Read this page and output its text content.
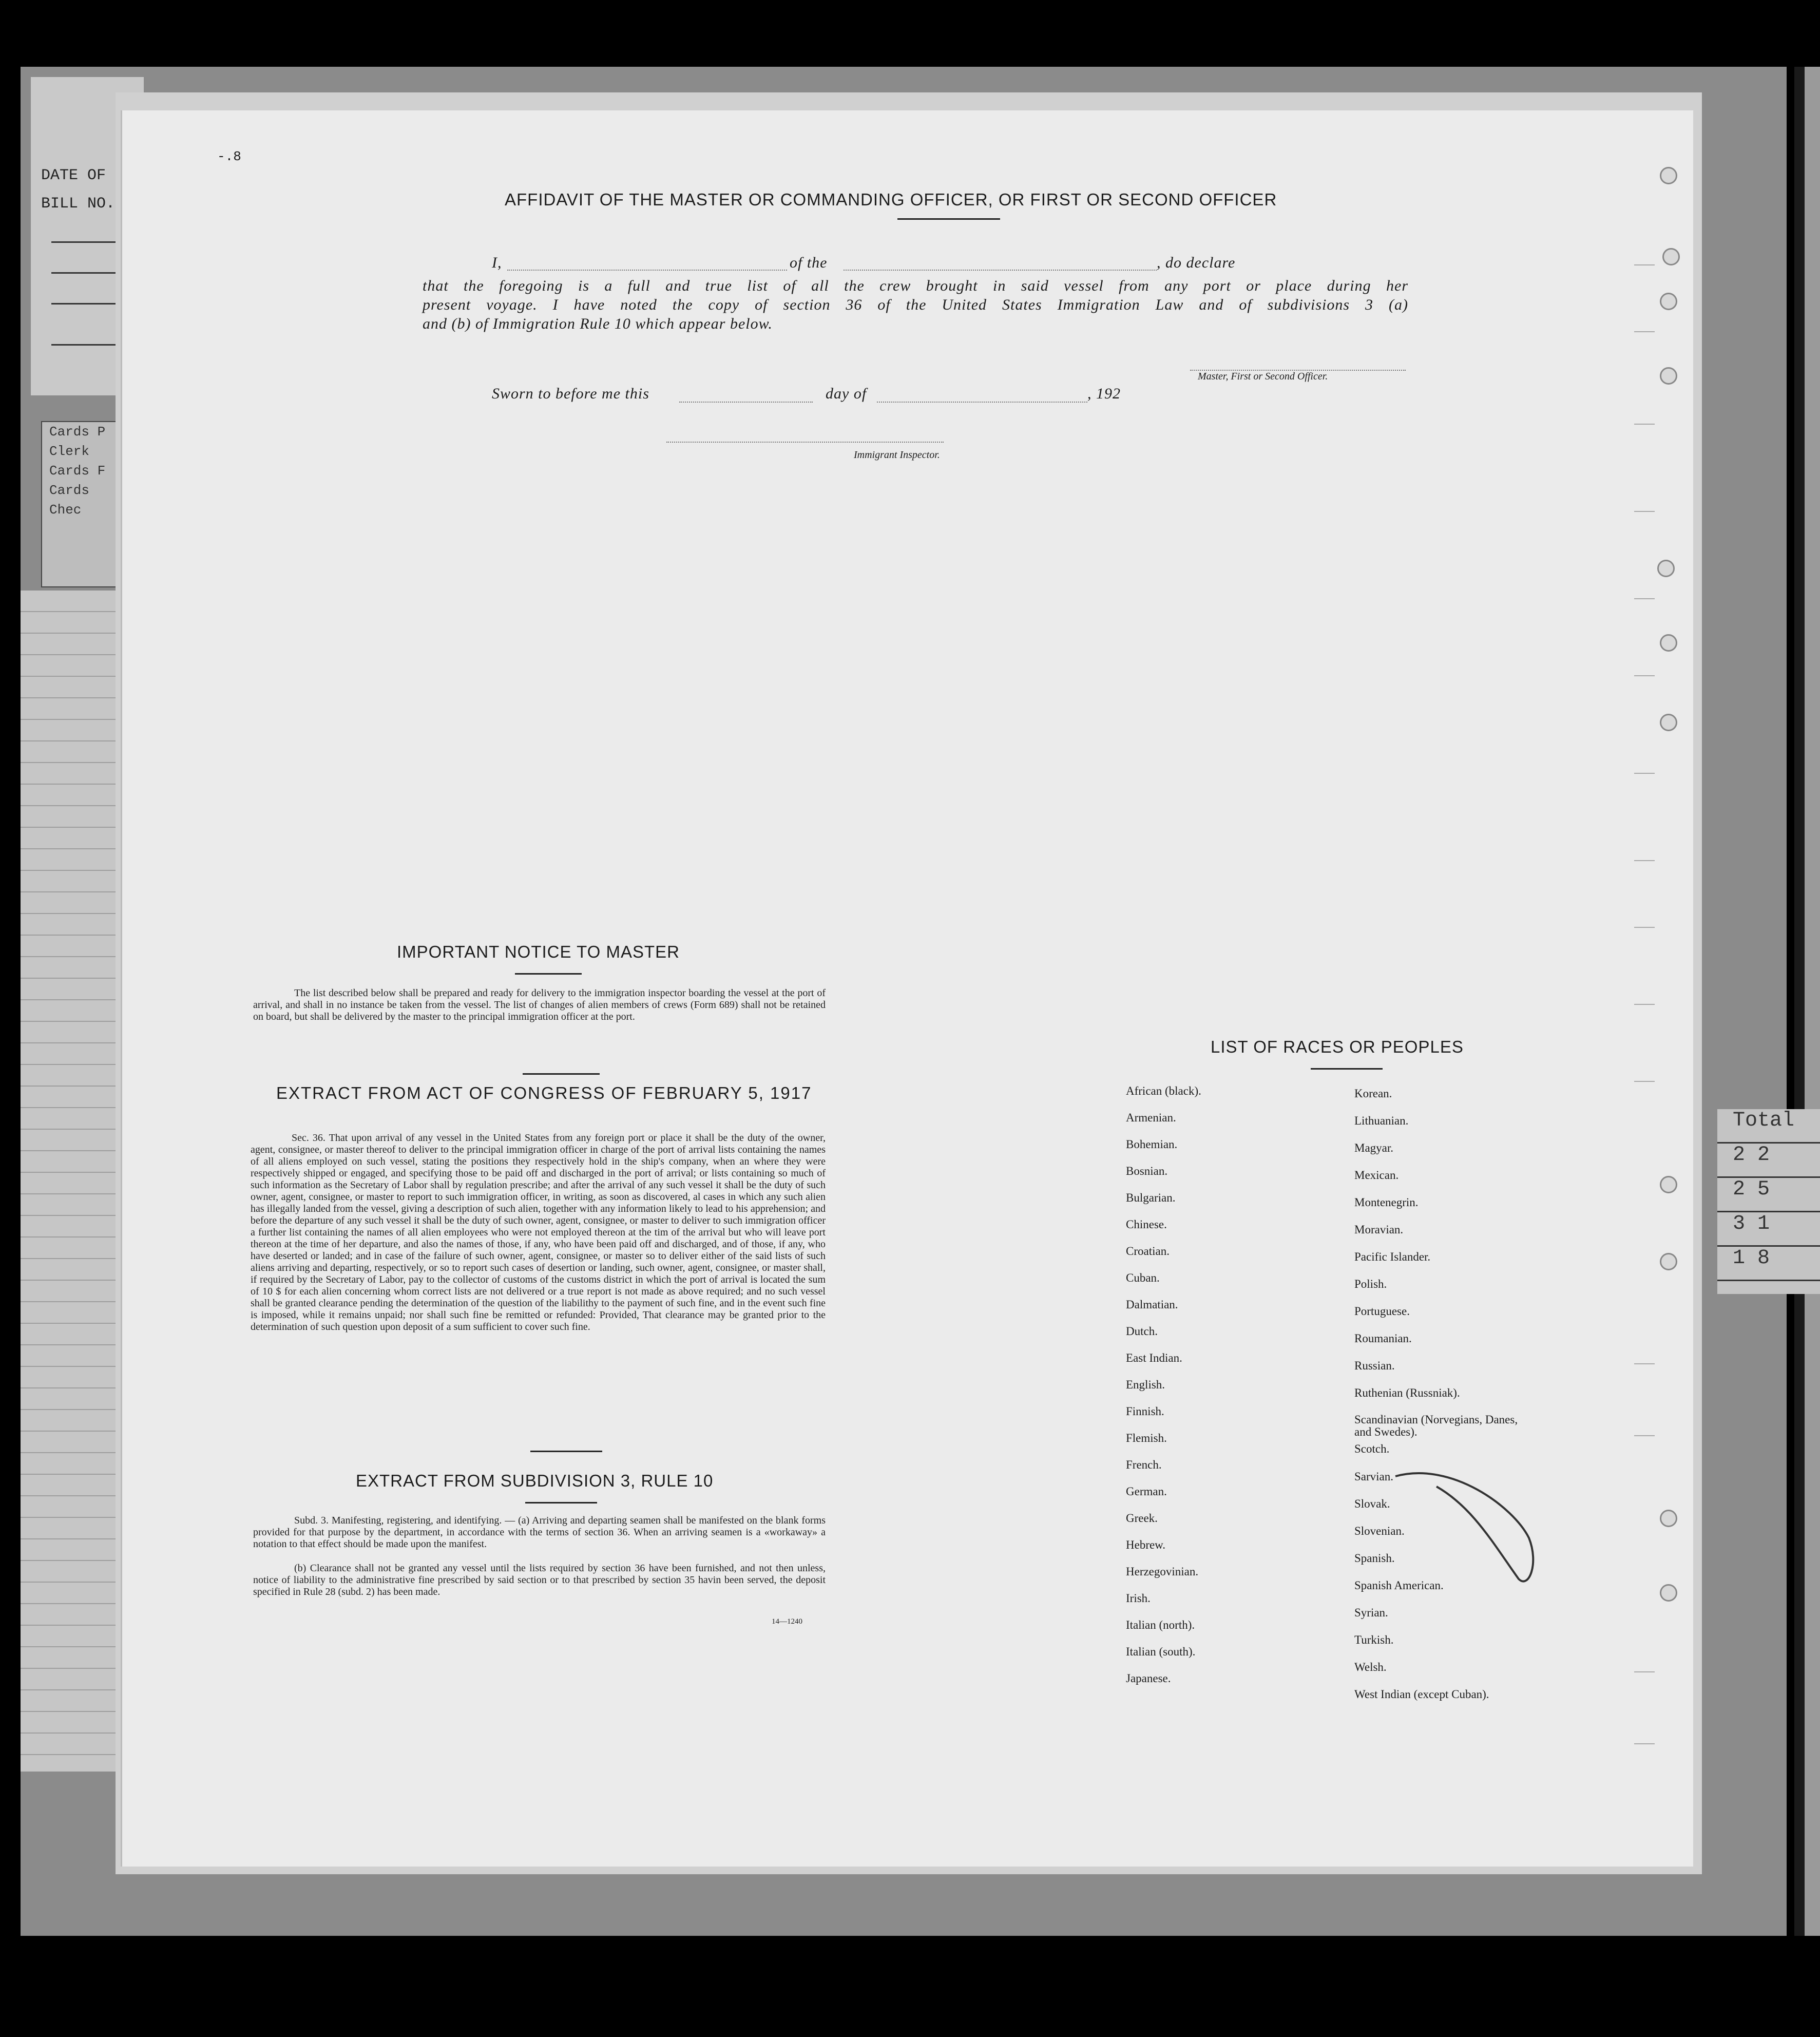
DATE OF
BILL NO.
Cards P
Clerk
Cards F
Cards
Chec
Total
2 2
2 5
3 1
1 8
-.8
AFFIDAVIT OF THE MASTER OR COMMANDING OFFICER, OR FIRST OR SECOND OFFICER
I,	of the	, do declare
that the foregoing is a full and true list of all the crew brought in said vessel from any port or place during her
present voyage. I have noted the copy of section 36 of the United States Immigration Law and of subdivisions 3 (a)
and (b) of Immigration Rule 10 which appear below.
Master, First or Second Officer.
Sworn to before me this	day of	, 192
Immigrant Inspector.
IMPORTANT NOTICE TO MASTER
The list described below shall be prepared and ready for delivery to the immigration inspector boarding the vessel at the port of arrival, and shall in no instance be taken from the vessel. The list of changes of alien members of crews (Form 689) shall not be retained on board, but shall be delivered by the master to the principal immigration officer at the port.
EXTRACT FROM ACT OF CONGRESS OF FEBRUARY 5, 1917
Sec. 36. That upon arrival of any vessel in the United States from any foreign port or place it shall be the duty of the owner, agent, consignee, or master thereof to deliver to the principal immigration officer in charge of the port of arrival lists containing the names of all aliens employed on such vessel, stating the positions they respectively hold in the ship's company, when an where they were respectively shipped or engaged, and specifying those to be paid off and discharged in the port of arrival; or lists containing so much of such information as the Secretary of Labor shall by regulation prescribe; and after the arrival of any such vessel it shall be the duty of such owner, agent, consignee, or master to report to such immigration officer, in writing, as soon as discovered, al cases in which any such alien has illegally landed from the vessel, giving a description of such alien, together with any information likely to lead to his apprehension; and before the departure of any such vessel it shall be the duty of such owner, agent, consignee, or master to deliver to such immigration officer a further list containing the names of all alien employees who were not employed thereon at the tim of the arrival but who will leave port thereon at the time of her departure, and also the names of those, if any, who have been paid off and discharged, and of those, if any, who have deserted or landed; and in case of the failure of such owner, agent, consignee, or master so to deliver either of the said lists of such aliens arriving and departing, respectively, or so to report such cases of desertion or landing, such owner, agent, consignee, or master shall, if required by the Secretary of Labor, pay to the collector of customs of the customs district in which the port of arrival is located the sum of 10 $ for each alien concerning whom correct lists are not delivered or a true report is not made as above required; and no such vessel shall be granted clearance pending the determination of the question of the liabilithy to the payment of such fine, and in the event such fine is imposed, while it remains unpaid; nor shall such fine be remitted or refunded: Provided, That clearance may be granted prior to the determination of such question upon deposit of a sum sufficient to cover such fine.
EXTRACT FROM SUBDIVISION 3, RULE 10
Subd. 3. Manifesting, registering, and identifying. — (a) Arriving and departing seamen shall be manifested on the blank forms provided for that purpose by the department, in accordance with the terms of section 36. When an arriving seamen is a «workaway» a notation to that effect should be made upon the manifest.
(b) Clearance shall not be granted any vessel until the lists required by section 36 have been furnished, and not then unless, notice of liability to the administrative fine prescribed by said section or to that prescribed by section 35 havin been served, the deposit specified in Rule 28 (subd. 2) has been made.
14—1240
LIST OF RACES OR PEOPLES
African (black).
Armenian.
Bohemian.
Bosnian.
Bulgarian.
Chinese.
Croatian.
Cuban.
Dalmatian.
Dutch.
East Indian.
English.
Finnish.
Flemish.
French.
German.
Greek.
Hebrew.
Herzegovinian.
Irish.
Italian (north).
Italian (south).
Japanese.
Korean.
Lithuanian.
Magyar.
Mexican.
Montenegrin.
Moravian.
Pacific Islander.
Polish.
Portuguese.
Roumanian.
Russian.
Ruthenian (Russniak).
Scandinavian (Norvegians, Danes, and Swedes).
Scotch.
Sarvian.
Slovak.
Slovenian.
Spanish.
Spanish American.
Syrian.
Turkish.
Welsh.
West Indian (except Cuban).
